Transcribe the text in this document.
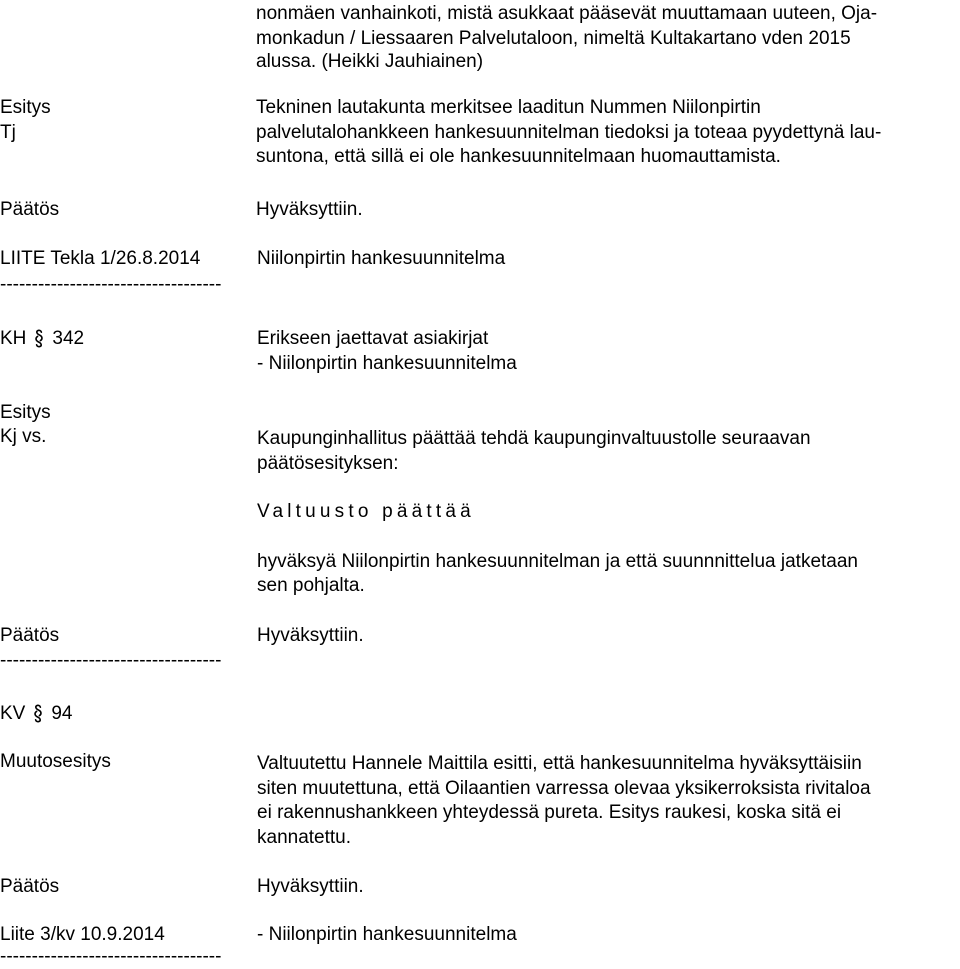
nonmäen vanhainkoti, mistä asukkaat pääsevät muuttamaan uuteen, Oja-
monkadun / Liessaaren Palvelutaloon, nimeltä Kultakartano vden 2015
alussa. (Heikki Jauhiainen)
Esitys	Tekninen lautakunta merkitsee laaditun Nummen Niilonpirtin
Tj	palvelutalohankkeen hankesuunnitelman tiedoksi ja toteaa pyydettynä lau-
suntona, että sillä ei ole hankesuunnitelmaan huomauttamista.
Päätös	Hyväksyttiin.
LIITE Tekla 1/26.8.2014	Niilonpirtin hankesuunnitelma
-----------------------------------
KH 342	Erikseen jaettavat asiakirjat
- Niilonpirtin hankesuunnitelma
Esitys
Kj vs.	Kaupunginhallitus päättää tehdä kaupunginvaltuustolle seuraavan
päätösesityksen:
Valtuusto päättää
hyväksyä Niilonpirtin hankesuunnitelman ja että suunnnittelua jatketaan
sen pohjalta.
Päätös	Hyväksyttiin.
-----------------------------------
KV 94
Muutosesitys	Valtuutettu Hannele Maittila esitti, että hankesuunnitelma hyväksyttäisiin
siten muutettuna, että Oilaantien varressa olevaa yksikerroksista rivitaloa
ei rakennushankkeen yhteydessä pureta. Esitys raukesi, koska sitä ei
kannatettu.
Päätös	Hyväksyttiin.
Liite 3/kv 10.9.2014	- Niilonpirtin hankesuunnitelma
-----------------------------------
